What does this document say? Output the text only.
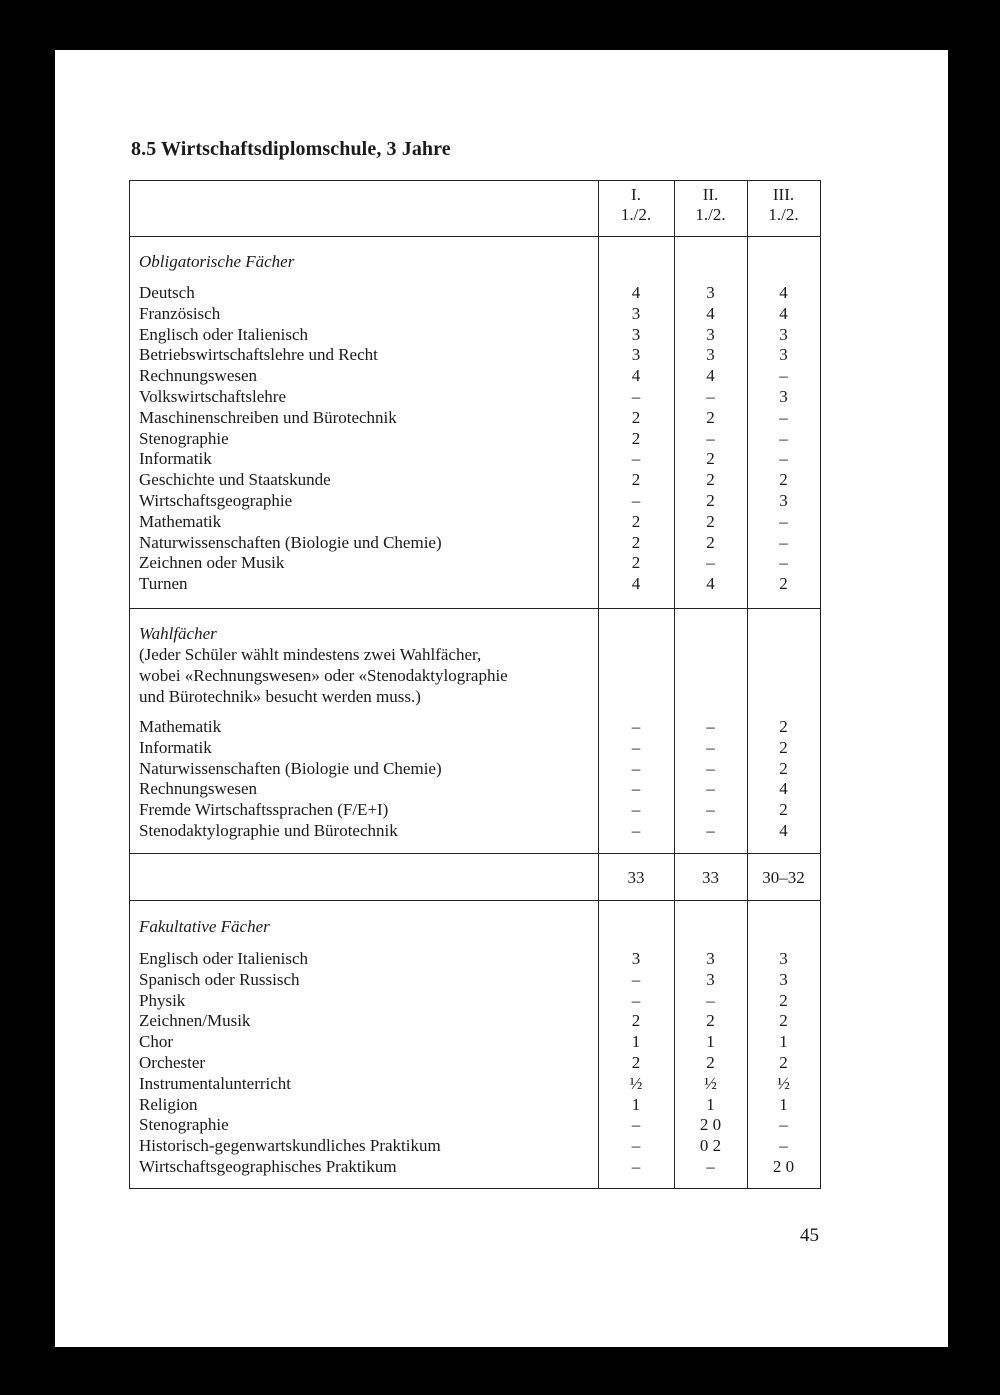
8.5 Wirtschaftsdiplomschule, 3 Jahre
I.
1./2.
II.
1./2.
III.
1./2.
Obligatorische Fächer
Deutsch
Französisch
Englisch oder Italienisch
Betriebswirtschaftslehre und Recht
Rechnungswesen
Volkswirtschaftslehre
Maschinenschreiben und Bürotechnik
Stenographie
Informatik
Geschichte und Staatskunde
Wirtschaftsgeographie
Mathematik
Naturwissenschaften (Biologie und Chemie)
Zeichnen oder Musik
Turnen
4
3
3
3
4
–
2
2
–
2
–
2
2
2
4
3
4
3
3
4
–
2
–
2
2
2
2
2
–
4
4
4
3
3
–
3
–
–
–
2
3
–
–
–
2
Wahlfächer
(Jeder Schüler wählt mindestens zwei Wahlfächer,
wobei «Rechnungswesen» oder «Stenodaktylographie
und Bürotechnik» besucht werden muss.)
Mathematik
Informatik
Naturwissenschaften (Biologie und Chemie)
Rechnungswesen
Fremde Wirtschaftssprachen (F/E+I)
Stenodaktylographie und Bürotechnik
–
–
–
–
–
–
–
–
–
–
–
–
2
2
2
4
2
4
33	33	30–32
Fakultative Fächer
Englisch oder Italienisch
Spanisch oder Russisch
Physik
Zeichnen/Musik
Chor
Orchester
Instrumentalunterricht
Religion
Stenographie
Historisch-gegenwartskundliches Praktikum
Wirtschaftsgeographisches Praktikum
3
–
–
2
1
2
½
1
–
–
–
3
3
–
2
1
2
½
1
2 0
0 2
–
3
3
2
2
1
2
½
1
–
–
2 0
45
